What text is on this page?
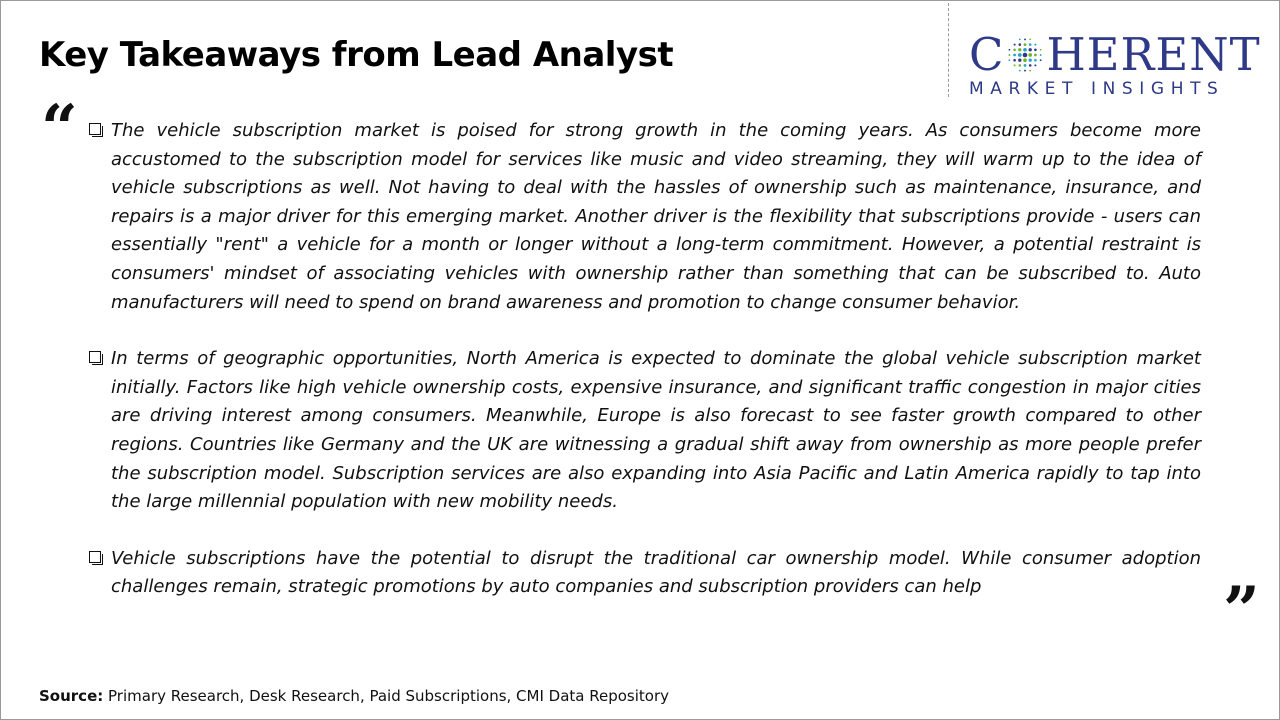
Key Takeaways from Lead Analyst	C HERENT
MARKET INSIGHTS
“ The vehicle subscription market is poised for strong growth in the coming years. As consumers become more accustomed to the subscription model for services like music and video streaming, they will warm up to the idea of vehicle subscriptions as well. Not having to deal with the hassles of ownership such as maintenance, insurance, and repairs is a major driver for this emerging market. Another driver is the flexibility that subscriptions provide - users can essentially "rent" a vehicle for a month or longer without a long-term commitment. However, a potential restraint is consumers' mindset of associating vehicles with ownership rather than something that can be subscribed to. Auto manufacturers will need to spend on brand awareness and promotion to change consumer behavior.

In terms of geographic opportunities, North America is expected to dominate the global vehicle subscription market initially. Factors like high vehicle ownership costs, expensive insurance, and significant traffic congestion in major cities are driving interest among consumers. Meanwhile, Europe is also forecast to see faster growth compared to other regions. Countries like Germany and the UK are witnessing a gradual shift away from ownership as more people prefer the subscription model. Subscription services are also expanding into Asia Pacific and Latin America rapidly to tap into the large millennial population with new mobility needs.

Vehicle subscriptions have the potential to disrupt the traditional car ownership model. While consumer adoption challenges remain, strategic promotions by auto companies and subscription providers can help	”
Source: Primary Research, Desk Research, Paid Subscriptions, CMI Data Repository
